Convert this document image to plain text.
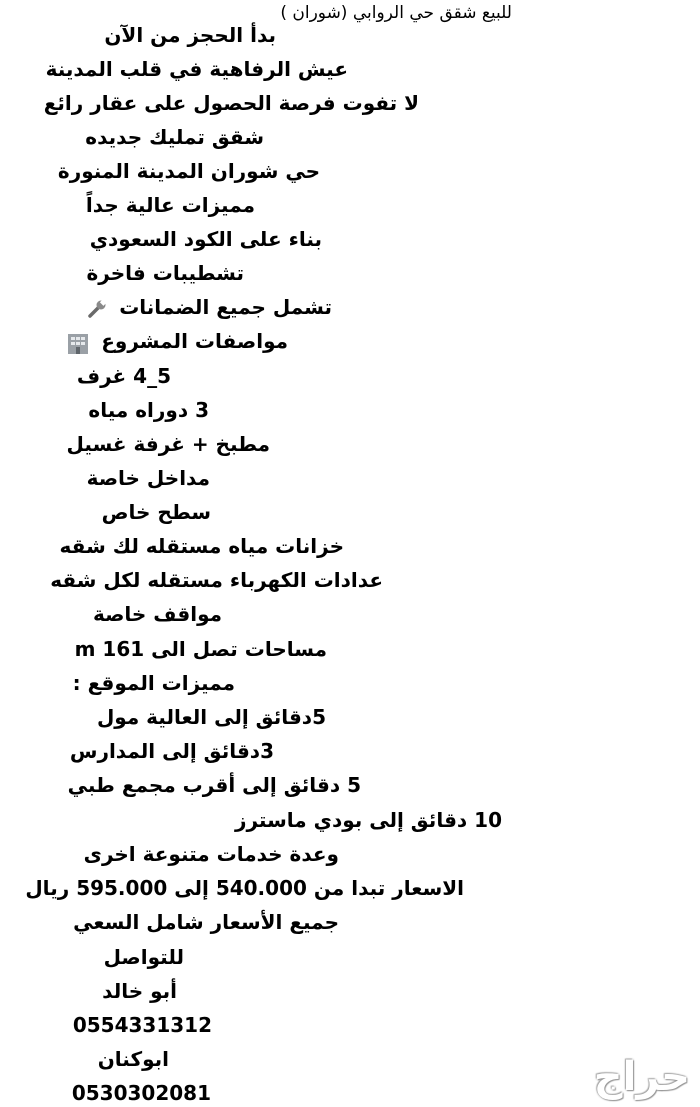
للبيع شقق حي الروابي (شوران )
بدأ الحجز من الآن
عيش الرفاهية في قلب المدينة
لا تفوت فرصة الحصول على عقار رائع
شقق تمليك جديده
حي شوران المدينة المنورة
مميزات عالية جداً
بناء على الكود السعودي
تشطيبات فاخرة
تشمل جميع الضمانات
مواصفات المشروع
5_4 غرف
3 دوراه مياه
مطبخ + غرفة غسيل
مداخل خاصة
سطح خاص
خزانات مياه مستقله لك شقه
عدادات الكهرباء مستقله لكل شقه
مواقف خاصة
مساحات تصل الى 161 m
مميزات الموقع :
5دقائق إلى العالية مول
3دقائق إلى المدارس
5 دقائق إلى أقرب مجمع طبي
10 دقائق إلى بودي ماسترز
وعدة خدمات متنوعة اخرى
الاسعار تبدا من 540.000 إلى 595.000 ريال
جميع الأسعار شامل السعي
للتواصل
أبو خالد
0554331312
ابوكنان
0530302081	حراج
